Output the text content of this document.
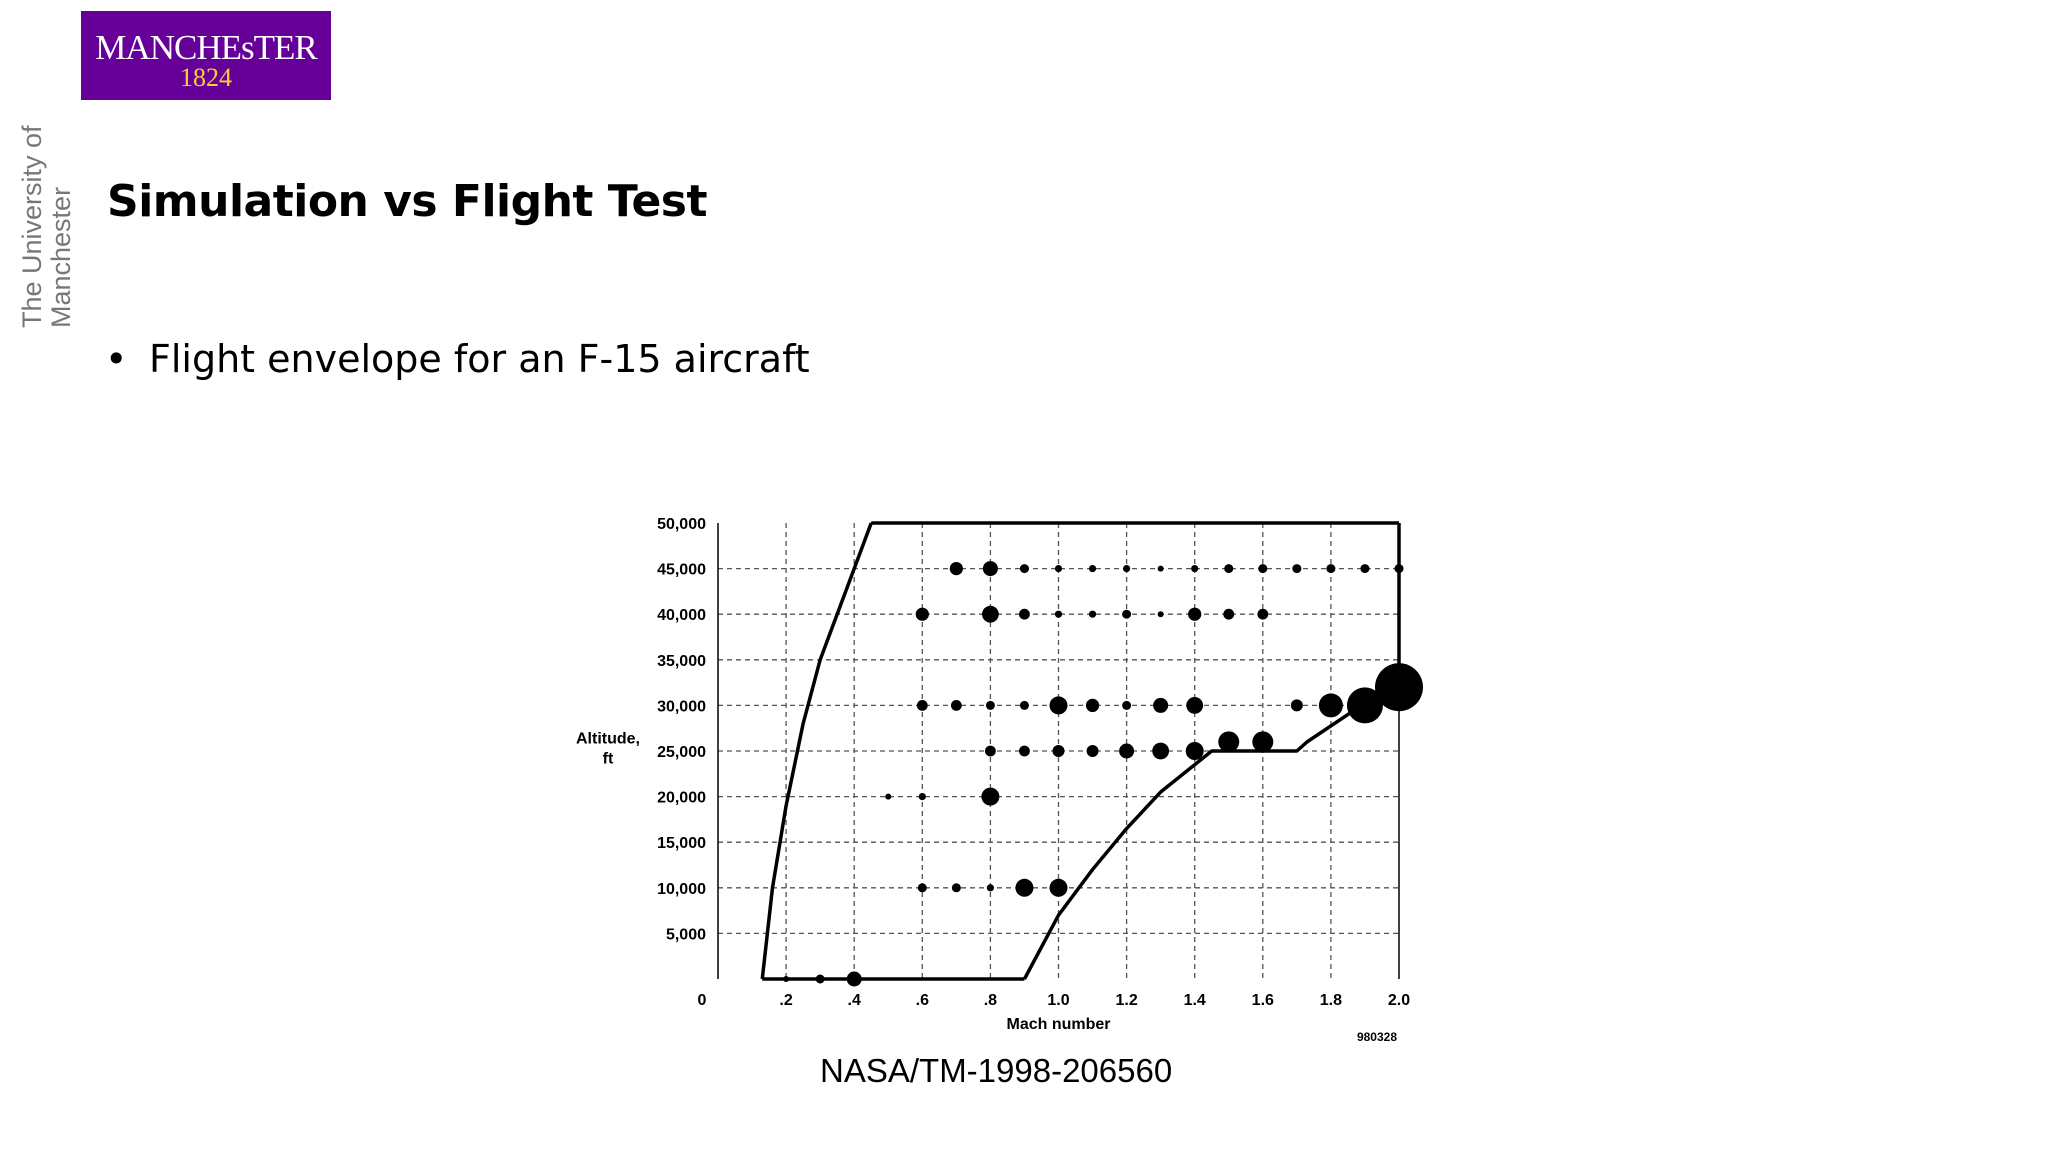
MANCHEsTER
1824
The University of Manchester Simulation vs Flight Test
• Flight envelope for an F-15 aircraft
0	.2	.4	.6	.8	1.0	1.2	1.4	1.6	1.8	2.0
5,000
10,000
15,000
20,000
25,000
30,000
35,000
40,000
45,000
50,000
Mach number
Altitude,
ft
980328
NASA/TM-1998-206560
